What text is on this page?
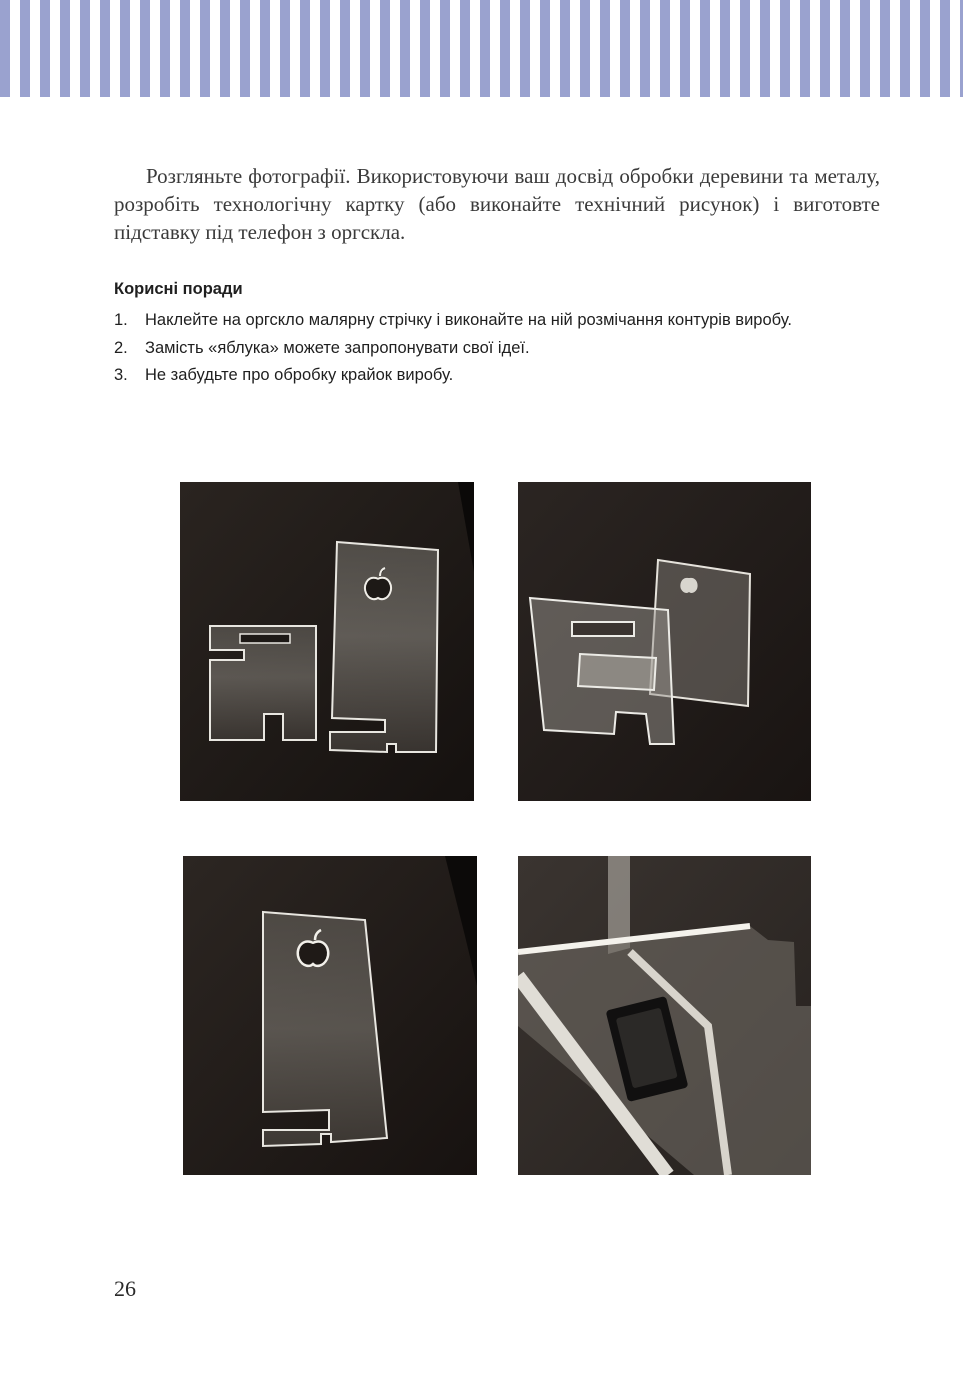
Розгляньте фотографії. Використовуючи ваш досвід обробки деревини та металу, розробіть технологічну картку (або виконайте технічний рисунок) і виготовте підставку під телефон з оргскла.

Корисні поради
1. Наклейте на оргскло малярну стрічку і виконайте на ній розмічання контурів виробу.
2. Замість «яблука» можете запропонувати свої ідеї.
3. Не забудьте про обробку крайок виробу.
26
